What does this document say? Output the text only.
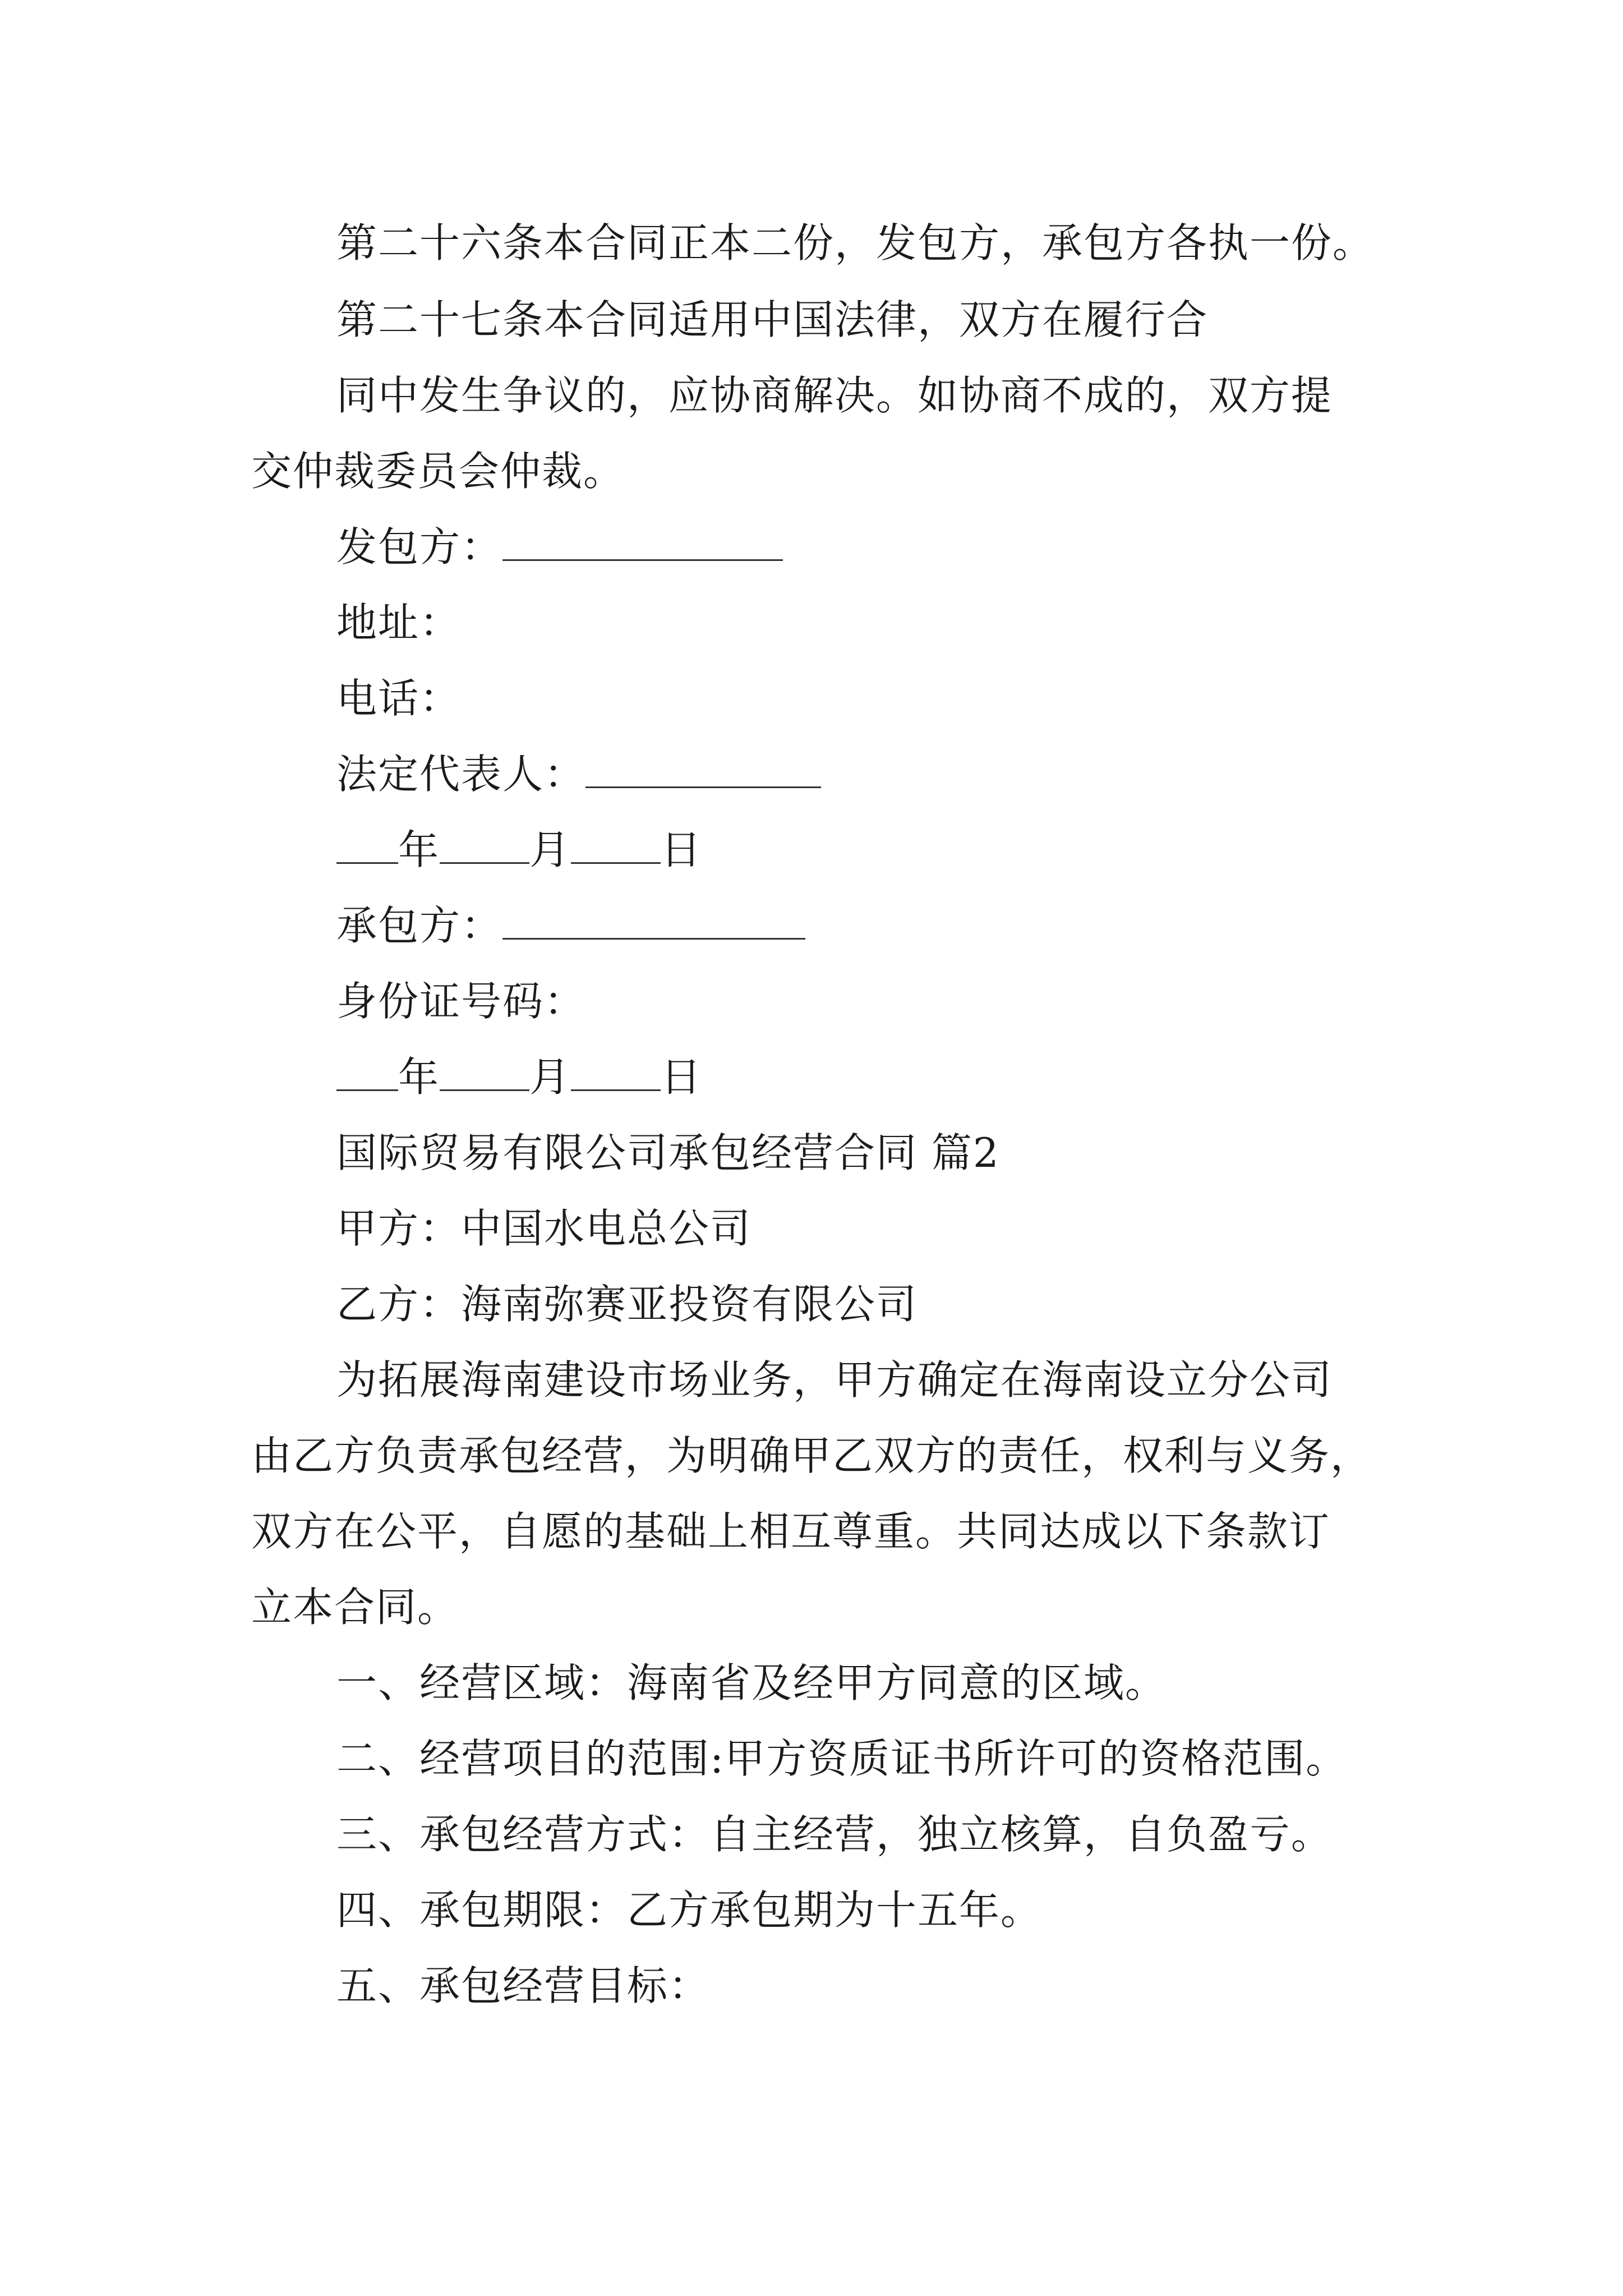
第二十六条本合同正本二份，发包方，承包方各执一份。
第二十七条本合同适用中国法律，双方在履行合
同中发生争议的，应协商解决。如协商不成的，双方提
交仲裁委员会仲裁。
发包方：
地址：
电话：
法定代表人：
年 月 日
承包方：
身份证号码：
年 月 日
国际贸易有限公司承包经营合同 篇2
甲方：中国水电总公司
乙方：海南弥赛亚投资有限公司
为拓展海南建设市场业务，甲方确定在海南设立分公司
由乙方负责承包经营，为明确甲乙双方的责任，权利与义务，
双方在公平，自愿的基础上相互尊重。共同达成以下条款订
立本合同。
一、经营区域：海南省及经甲方同意的区域。
二、经营项目的范围:甲方资质证书所许可的资格范围。
三、承包经营方式：自主经营，独立核算，自负盈亏。
四、承包期限：乙方承包期为十五年。
五、承包经营目标：
